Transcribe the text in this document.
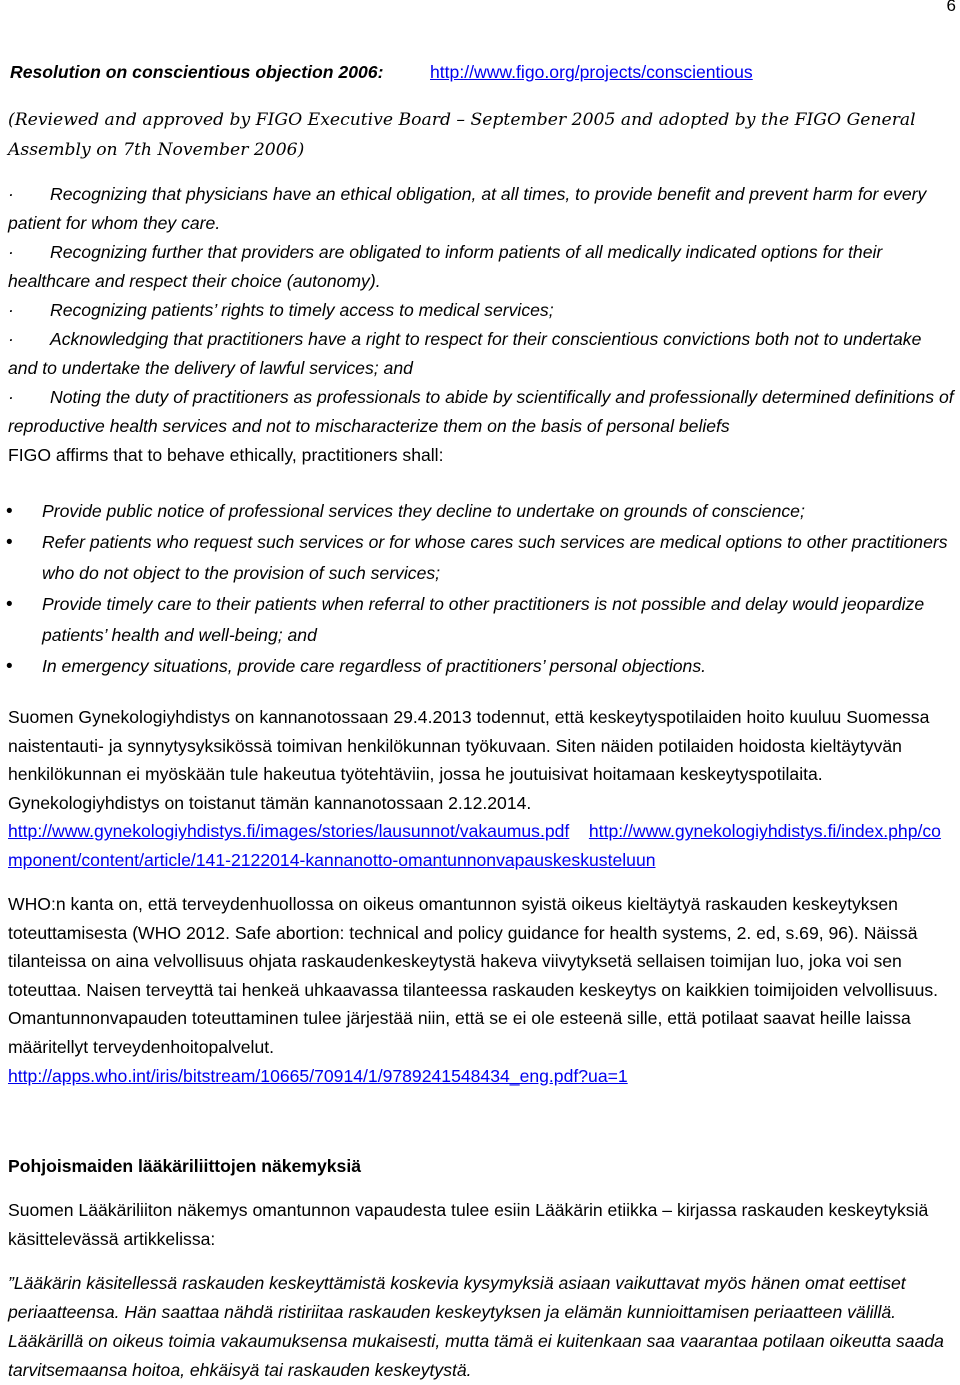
6
Resolution on conscientious objection 2006:	http://www.figo.org/projects/conscientious

(Reviewed and approved by FIGO Executive Board – September 2005 and adopted by the FIGO General Assembly on 7th November 2006)

· Recognizing that physicians have an ethical obligation, at all times, to provide benefit and prevent harm for every patient for whom they care.

· Recognizing further that providers are obligated to inform patients of all medically indicated options for their healthcare and respect their choice (autonomy).

· Recognizing patients’ rights to timely access to medical services;

· Acknowledging that practitioners have a right to respect for their conscientious convictions both not to undertake and to undertake the delivery of lawful services; and

· Noting the duty of practitioners as professionals to abide by scientifically and professionally determined definitions of reproductive health services and not to mischaracterize them on the basis of personal beliefs

FIGO affirms that to behave ethically, practitioners shall:

• Provide public notice of professional services they decline to undertake on grounds of conscience;
• Refer patients who request such services or for whose cares such services are medical options to other practitioners who do not object to the provision of such services;
• Provide timely care to their patients when referral to other practitioners is not possible and delay would jeopardize patients’ health and well-being; and
• In emergency situations, provide care regardless of practitioners’ personal objections.

Suomen Gynekologiyhdistys on kannanotossaan 29.4.2013 todennut, että keskeytyspotilaiden hoito kuuluu Suomessa naistentauti- ja synnytysyksikössä toimivan henkilökunnan työkuvaan. Siten näiden potilaiden hoidosta kieltäytyvän henkilökunnan ei myöskään tule hakeutua työtehtäviin, jossa he joutuisivat hoitamaan keskeytyspotilaita. Gynekologiyhdistys on toistanut tämän kannanotossaan 2.12.2014.

http://www.gynekologiyhdistys.fi/images/stories/lausunnot/vakaumus.pdf http://www.gynekologiyhdistys.fi/index.php/component/content/article/141-2122014-kannanotto-omantunnonvapauskeskusteluun

WHO:n kanta on, että terveydenhuollossa on oikeus omantunnon syistä oikeus kieltäytyä raskauden keskeytyksen toteuttamisesta (WHO 2012. Safe abortion: technical and policy guidance for health systems, 2. ed, s.69, 96). Näissä tilanteissa on aina velvollisuus ohjata raskaudenkeskeytystä hakeva viivytyksetä sellaisen toimijan luo, joka voi sen toteuttaa. Naisen terveyttä tai henkeä uhkaavassa tilanteessa raskauden keskeytys on kaikkien toimijoiden velvollisuus. Omantunnonvapauden toteuttaminen tulee järjestää niin, että se ei ole esteenä sille, että potilaat saavat heille laissa määritellyt terveydenhoitopalvelut.

http://apps.who.int/iris/bitstream/10665/70914/1/9789241548434_eng.pdf?ua=1

Pohjoismaiden lääkäriliittojen näkemyksiä

Suomen Lääkäriliiton näkemys omantunnon vapaudesta tulee esiin Lääkärin etiikka – kirjassa raskauden keskeytyksiä käsittelevässä artikkelissa:

”Lääkärin käsitellessä raskauden keskeyttämistä koskevia kysymyksiä asiaan vaikuttavat myös hänen omat eettiset periaatteensa. Hän saattaa nähdä ristiriitaa raskauden keskeytyksen ja elämän kunnioittamisen periaatteen välillä. Lääkärillä on oikeus toimia vakaumuksensa mukaisesti, mutta tämä ei kuitenkaan saa vaarantaa potilaan oikeutta saada tarvitsemaansa hoitoa, ehkäisyä tai raskauden keskeytystä.
